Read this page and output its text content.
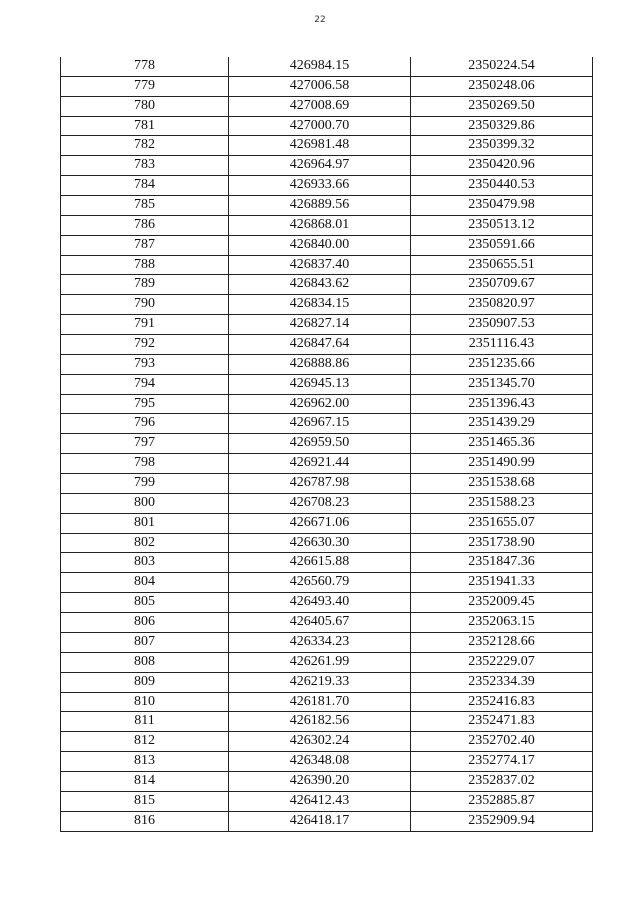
22
778	426984.15	2350224.54
779	427006.58	2350248.06
780	427008.69	2350269.50
781	427000.70	2350329.86
782	426981.48	2350399.32
783	426964.97	2350420.96
784	426933.66	2350440.53
785	426889.56	2350479.98
786	426868.01	2350513.12
787	426840.00	2350591.66
788	426837.40	2350655.51
789	426843.62	2350709.67
790	426834.15	2350820.97
791	426827.14	2350907.53
792	426847.64	2351116.43
793	426888.86	2351235.66
794	426945.13	2351345.70
795	426962.00	2351396.43
796	426967.15	2351439.29
797	426959.50	2351465.36
798	426921.44	2351490.99
799	426787.98	2351538.68
800	426708.23	2351588.23
801	426671.06	2351655.07
802	426630.30	2351738.90
803	426615.88	2351847.36
804	426560.79	2351941.33
805	426493.40	2352009.45
806	426405.67	2352063.15
807	426334.23	2352128.66
808	426261.99	2352229.07
809	426219.33	2352334.39
810	426181.70	2352416.83
811	426182.56	2352471.83
812	426302.24	2352702.40
813	426348.08	2352774.17
814	426390.20	2352837.02
815	426412.43	2352885.87
816	426418.17	2352909.94
